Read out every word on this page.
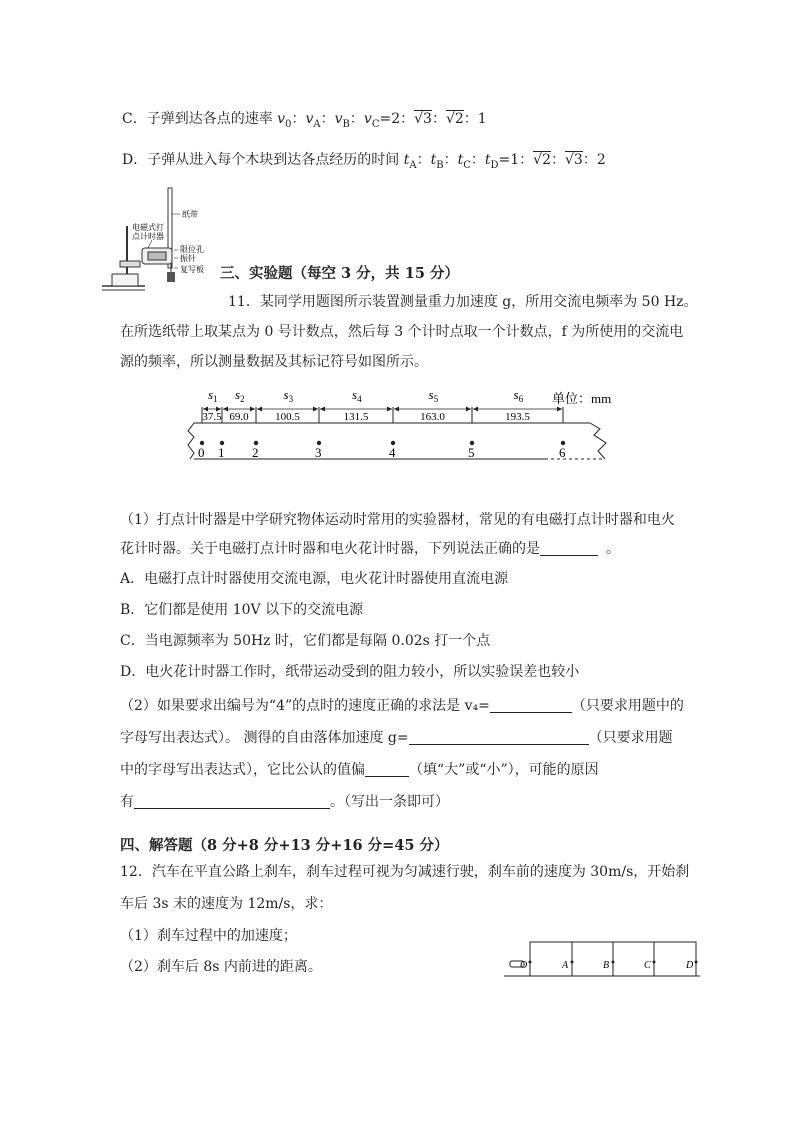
C．子弹到达各点的速率 $v_0$：$v_A$：$v_B$：$v_C=2$：√3：√2：1
D．子弹从进入每个木块到达各点经历的时间 $t_A$：$t_B$：$t_C$：$t_D=1$：√2：√3：2
纸带
电磁式打
点计时器
限位孔
振针
复写板 三、实验题（每空 3 分，共 15 分）
11．某同学用题图所示装置测量重力加速度 g，所用交流电频率为 50 Hz。
在所选纸带上取某点为 0 号计数点，然后每 3 个计时点取一个计数点，f 为所使用的交流电
源的频率，所以测量数据及其标记符号如图所示。
0 1 2	3	4	5	6
$s_1$
37.5
$s_2$
69.0
$s_3$
100.5
$s_4$
131.5
$s_5$
163.0
$s_6$
193.5
单位：mm
（1）打点计时器是中学研究物体运动时常用的实验器材，常见的有电磁打点计时器和电火
花计时器。关于电磁打点计时器和电火花计时器，下列说法正确的是	。
A．电磁打点计时器使用交流电源，电火花计时器使用直流电源
B．它们都是使用 10V 以下的交流电源
C．当电源频率为 50Hz 时，它们都是每隔 0.02s 打一个点
D．电火花计时器工作时，纸带运动受到的阻力较小，所以实验误差也较小
（2）如果要求出编号为“4”的点时的速度正确的求法是 v₄=	（只要求用题中的
字母写出表达式）。 测得的自由落体加速度 g=	（只要求用题
中的字母写出表达式），它比公认的值偏	（填“大”或“小”），可能的原因
有	。（写出一条即可）
四、解答题（8 分+8 分+13 分+16 分=45 分）
12．汽车在平直公路上刹车，刹车过程可视为匀减速行驶，刹车前的速度为 30m/s，开始刹
车后 3s 末的速度为 12m/s，求：
（1）刹车过程中的加速度；
（2）刹车后 8s 内前进的距离。	O	A	B	C	D
